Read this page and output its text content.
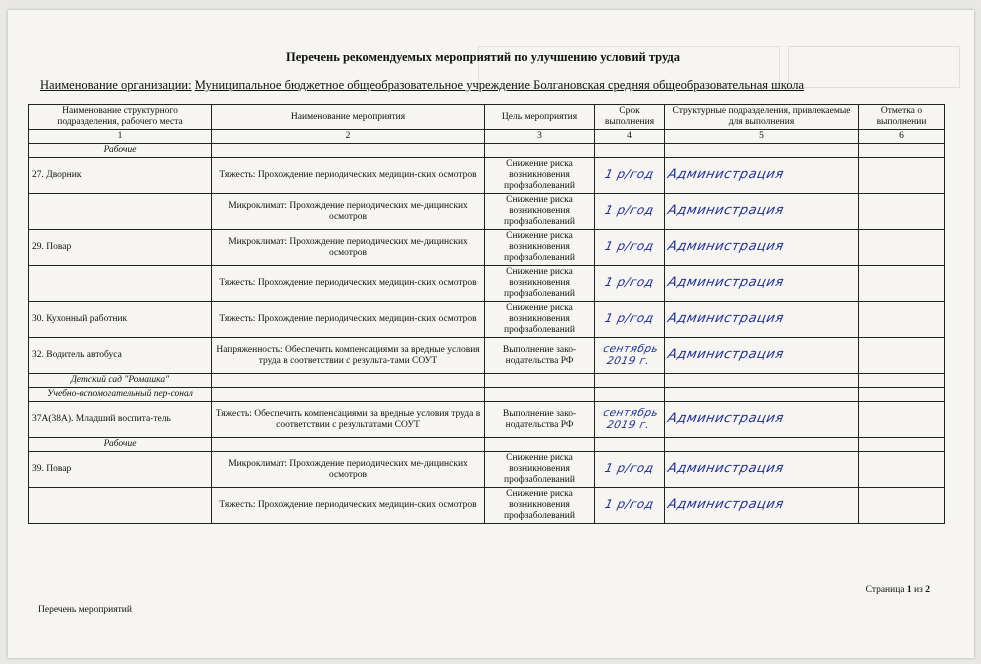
Перечень рекомендуемых мероприятий по улучшению условий труда
Наименование организации: Муниципальное бюджетное общеобразовательное учреждение Болгановская средняя общеобразовательная школа
Наименование структурного подразделения, рабочего места	Наименование мероприятия	Цель мероприятия	Срок выполнения	Структурные подразделения, привлекаемые для выполнения	Отметка о выполнении
1	2	3	4	5	6
Рабочие					
27. Дворник	Тяжесть: Прохождение периодических медицин-ских осмотров	Снижение риска возникновения профзаболеваний	1 р/год	Администрация	
	Микроклимат: Прохождение периодических ме-дицинских осмотров	Снижение риска возникновения профзаболеваний	1 р/год	Администрация	
29. Повар	Микроклимат: Прохождение периодических ме-дицинских осмотров	Снижение риска возникновения профзаболеваний	1 р/год	Администрация	
	Тяжесть: Прохождение периодических медицин-ских осмотров	Снижение риска возникновения профзаболеваний	1 р/год	Администрация	
30. Кухонный работник	Тяжесть: Прохождение периодических медицин-ских осмотров	Снижение риска возникновения профзаболеваний	1 р/год	Администрация	
32. Водитель автобуса	Напряженность: Обеспечить компенсациями за вредные условия труда в соответствии с результа-тами СОУТ	Выполнение зако-нодательства РФ	сентябрь 2019 г.	Администрация	
Детский сад "Ромашка"					
Учебно-вспомогательный пер-сонал					
37А(38А). Младший воспита-тель	Тяжесть: Обеспечить компенсациями за вредные условия труда в соответствии с результатами СОУТ	Выполнение зако-нодательства РФ	сентябрь 2019 г.	Администрация	
Рабочие					
39. Повар	Микроклимат: Прохождение периодических ме-дицинских осмотров	Снижение риска возникновения профзаболеваний	1 р/год	Администрация	
	Тяжесть: Прохождение периодических медицин-ских осмотров	Снижение риска возникновения профзаболеваний	1 р/год	Администрация	
Страница 1 из 2
Перечень мероприятий
